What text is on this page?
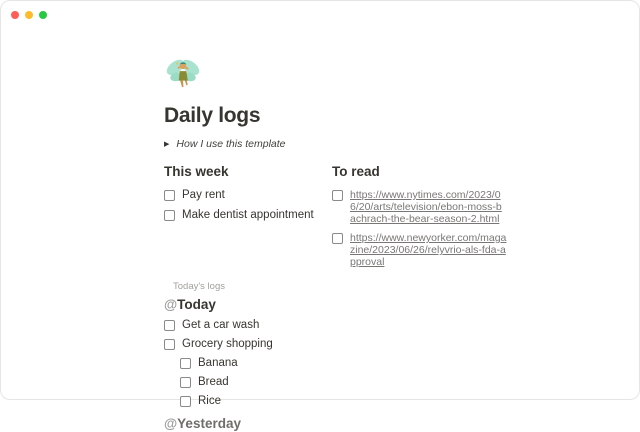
Daily logs
▶ How I use this template
This week
Pay rent
Make dentist appointment
To read
https://www.nytimes.com/2023/06/20/arts/television/ebon-moss-bachrach-the-bear-season-2.html
https://www.newyorker.com/magazine/2023/06/26/relyvrio-als-fda-approval
Today's logs
@Today
Get a car wash
Grocery shopping
Banana
Bread
Rice
@Yesterday
